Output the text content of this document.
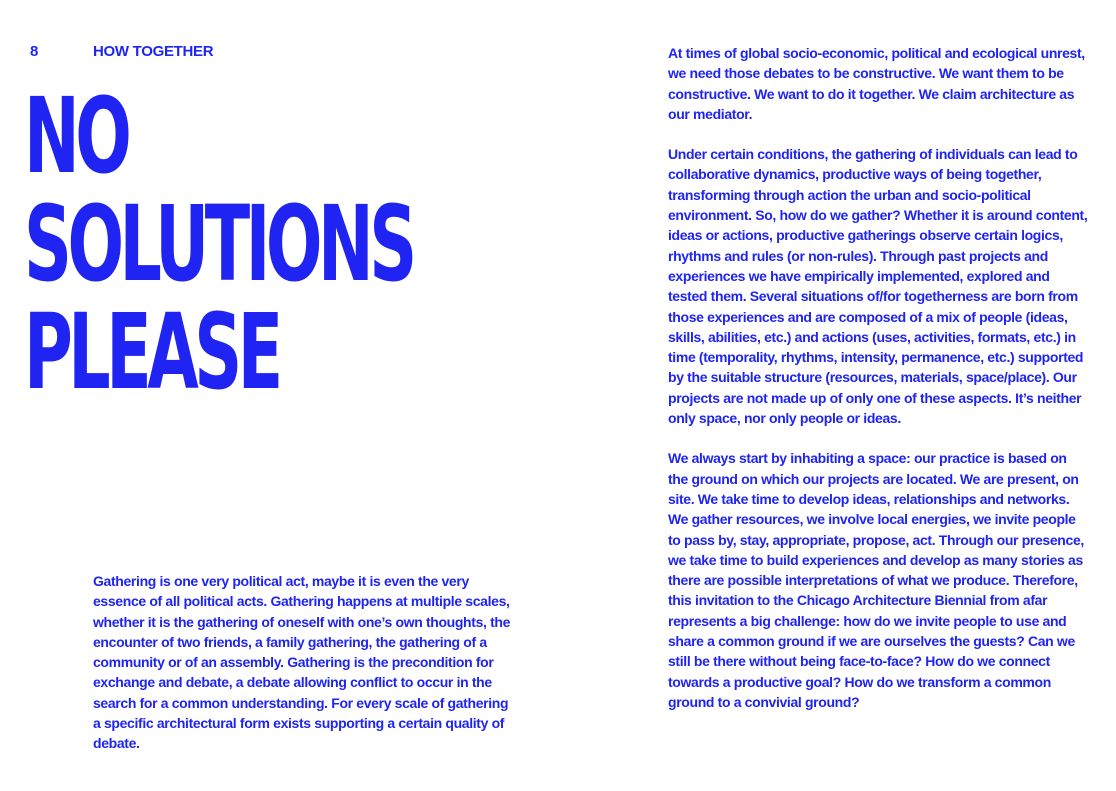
8	HOW TOGETHER
NO
SOLUTIONS
PLEASE

Gathering is one very political act, maybe it is even the very essence of all political acts. Gathering happens at multiple scales, whether it is the gathering of oneself with one’s own thoughts, the encounter of two friends, a family gathering, the gathering of a community or of an assembly. Gathering is the precondition for exchange and debate, a debate allowing conflict to occur in the search for a common understanding. For every scale of gathering a specific architectural form exists supporting a certain quality of debate.

At times of global socio-economic, political and ecological unrest, we need those debates to be constructive. We want them to be constructive. We want to do it together. We claim architecture as our mediator.

Under certain conditions, the gathering of individuals can lead to collaborative dynamics, productive ways of being together, transforming through action the urban and socio-political environment. So, how do we gather? Whether it is around content, ideas or actions, productive gatherings observe certain logics, rhythms and rules (or non-rules). Through past projects and experiences we have empirically implemented, explored and tested them. Several situations of/for togetherness are born from those experiences and are composed of a mix of people (ideas, skills, abilities, etc.) and actions (uses, activities, formats, etc.) in time (temporality, rhythms, intensity, permanence, etc.) supported by the suitable structure (resources, materials, space/place). Our projects are not made up of only one of these aspects. It’s neither only space, nor only people or ideas.

We always start by inhabiting a space: our practice is based on the ground on which our projects are located. We are present, on site. We take time to develop ideas, relationships and networks. We gather resources, we involve local energies, we invite people to pass by, stay, appropriate, propose, act. Through our presence, we take time to build experiences and develop as many stories as there are possible interpretations of what we produce. Therefore, this invitation to the Chicago Architecture Biennial from afar represents a big challenge: how do we invite people to use and share a common ground if we are ourselves the guests? Can we still be there without being face-to-face? How do we connect towards a productive goal? How do we transform a common ground to a convivial ground?
